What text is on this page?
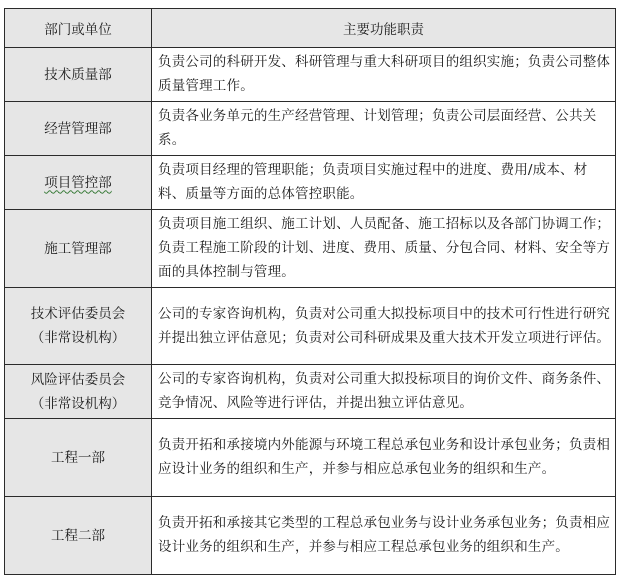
部门或单位	主要功能职责

技术质量部	负责公司的科研开发、科研管理与重大科研项目的组织实施；负责公司整体质量管理工作。

经营管理部	负责各业务单元的生产经营管理、计划管理；负责公司层面经营、公共关系。

项目管控部	负责项目经理的管理职能；负责项目实施过程中的进度、费用/成本、材料、质量等方面的总体管控职能。

施工管理部	负责项目施工组织、施工计划、人员配备、施工招标以及各部门协调工作；负责工程施工阶段的计划、进度、费用、质量、分包合同、材料、安全等方面的具体控制与管理。

技术评估委员会
（非常设机构）	公司的专家咨询机构，负责对公司重大拟投标项目中的技术可行性进行研究并提出独立评估意见；负责对公司科研成果及重大技术开发立项进行评估。

风险评估委员会
（非常设机构）	公司的专家咨询机构，负责对公司重大拟投标项目的询价文件、商务条件、竞争情况、风险等进行评估，并提出独立评估意见。

工程一部	负责开拓和承接境内外能源与环境工程总承包业务和设计承包业务；负责相应设计业务的组织和生产，并参与相应总承包业务的组织和生产。

工程二部	负责开拓和承接其它类型的工程总承包业务与设计业务承包业务；负责相应设计业务的组织和生产，并参与相应工程总承包业务的组织和生产。
